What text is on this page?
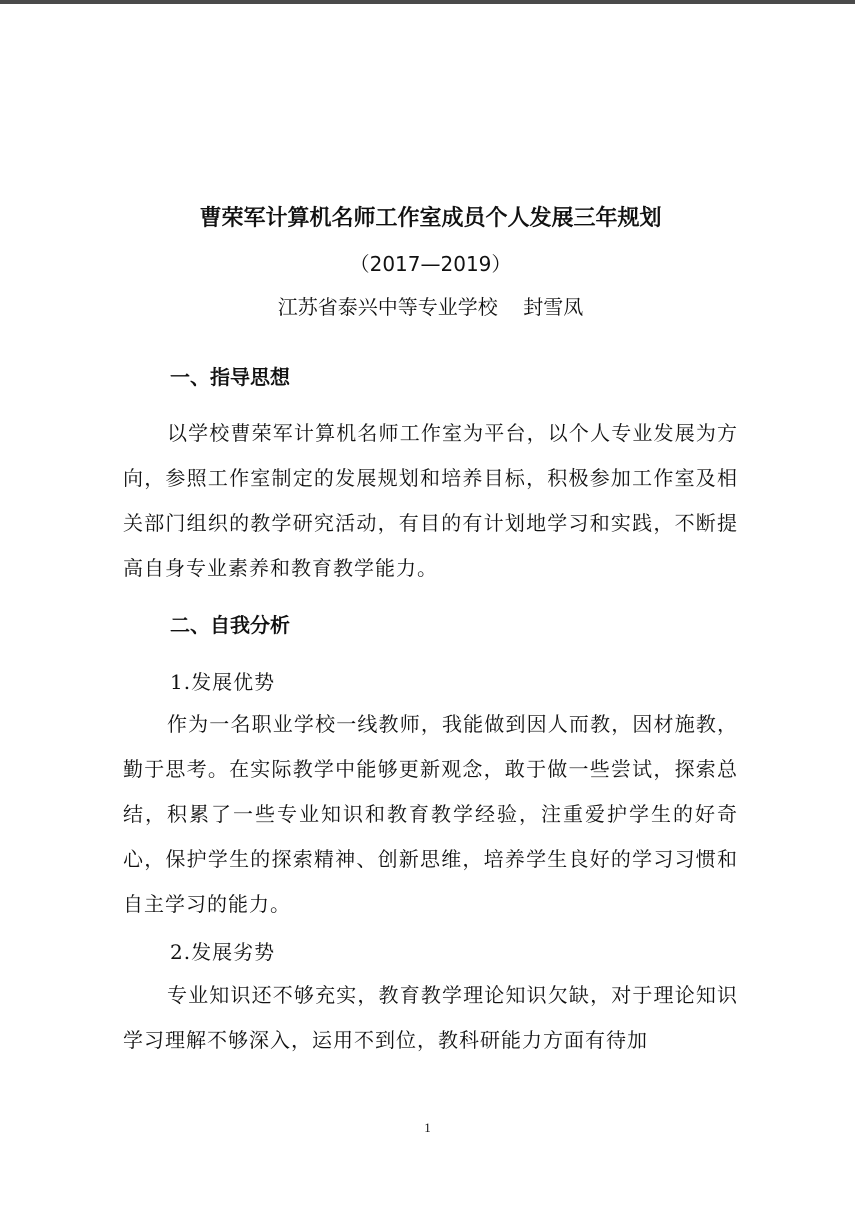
曹荣军计算机名师工作室成员个人发展三年规划
（2017—2019）
江苏省泰兴中等专业学校    封雪凤
一、指导思想
以学校曹荣军计算机名师工作室为平台，以个人专业发展为方向，参照工作室制定的发展规划和培养目标，积极参加工作室及相关部门组织的教学研究活动，有目的有计划地学习和实践，不断提高自身专业素养和教育教学能力。
二、自我分析
1.发展优势
作为一名职业学校一线教师，我能做到因人而教，因材施教，勤于思考。在实际教学中能够更新观念，敢于做一些尝试，探索总结，积累了一些专业知识和教育教学经验，注重爱护学生的好奇心，保护学生的探索精神、创新思维，培养学生良好的学习习惯和自主学习的能力。
2.发展劣势
专业知识还不够充实，教育教学理论知识欠缺，对于理论知识学习理解不够深入，运用不到位，教科研能力方面有待加
1
